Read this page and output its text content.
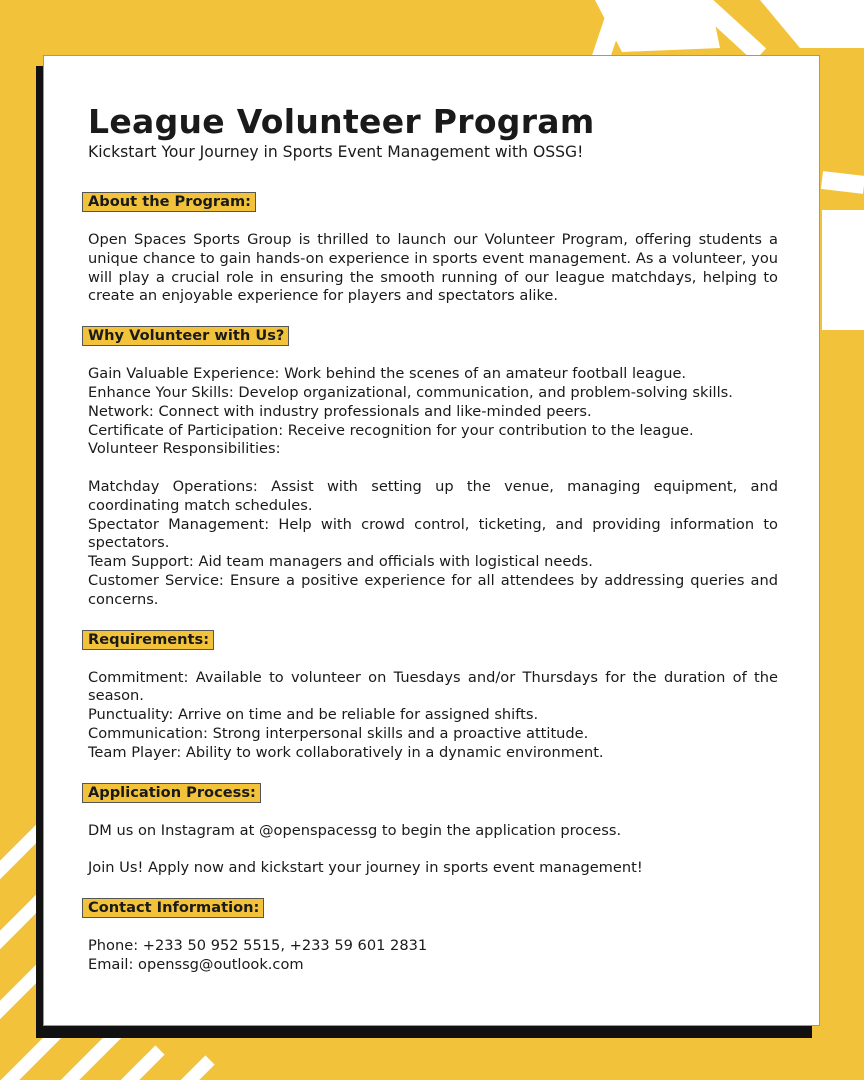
League Volunteer Program

Kickstart Your Journey in Sports Event Management with OSSG!

About the Program:

Open Spaces Sports Group is thrilled to launch our Volunteer Program, offering students a unique chance to gain hands-on experience in sports event management. As a volunteer, you will play a crucial role in ensuring the smooth running of our league matchdays, helping to create an enjoyable experience for players and spectators alike.

Why Volunteer with Us?
Gain Valuable Experience: Work behind the scenes of an amateur football league.
Enhance Your Skills: Develop organizational, communication, and problem-solving skills.
Network: Connect with industry professionals and like-minded peers.
Certificate of Participation: Receive recognition for your contribution to the league.
Volunteer Responsibilities:
Matchday Operations: Assist with setting up the venue, managing equipment, and coordinating match schedules.
Spectator Management: Help with crowd control, ticketing, and providing information to spectators.
Team Support: Aid team managers and officials with logistical needs.
Customer Service: Ensure a positive experience for all attendees by addressing queries and concerns.
Requirements:
Commitment: Available to volunteer on Tuesdays and/or Thursdays for the duration of the season.
Punctuality: Arrive on time and be reliable for assigned shifts.
Communication: Strong interpersonal skills and a proactive attitude.
Team Player: Ability to work collaboratively in a dynamic environment.
Application Process:

DM us on Instagram at @openspacessg to begin the application process.

Join Us! Apply now and kickstart your journey in sports event management!

Contact Information:
Phone: +233 50 952 5515, +233 59 601 2831
Email: openssg@outlook.com
